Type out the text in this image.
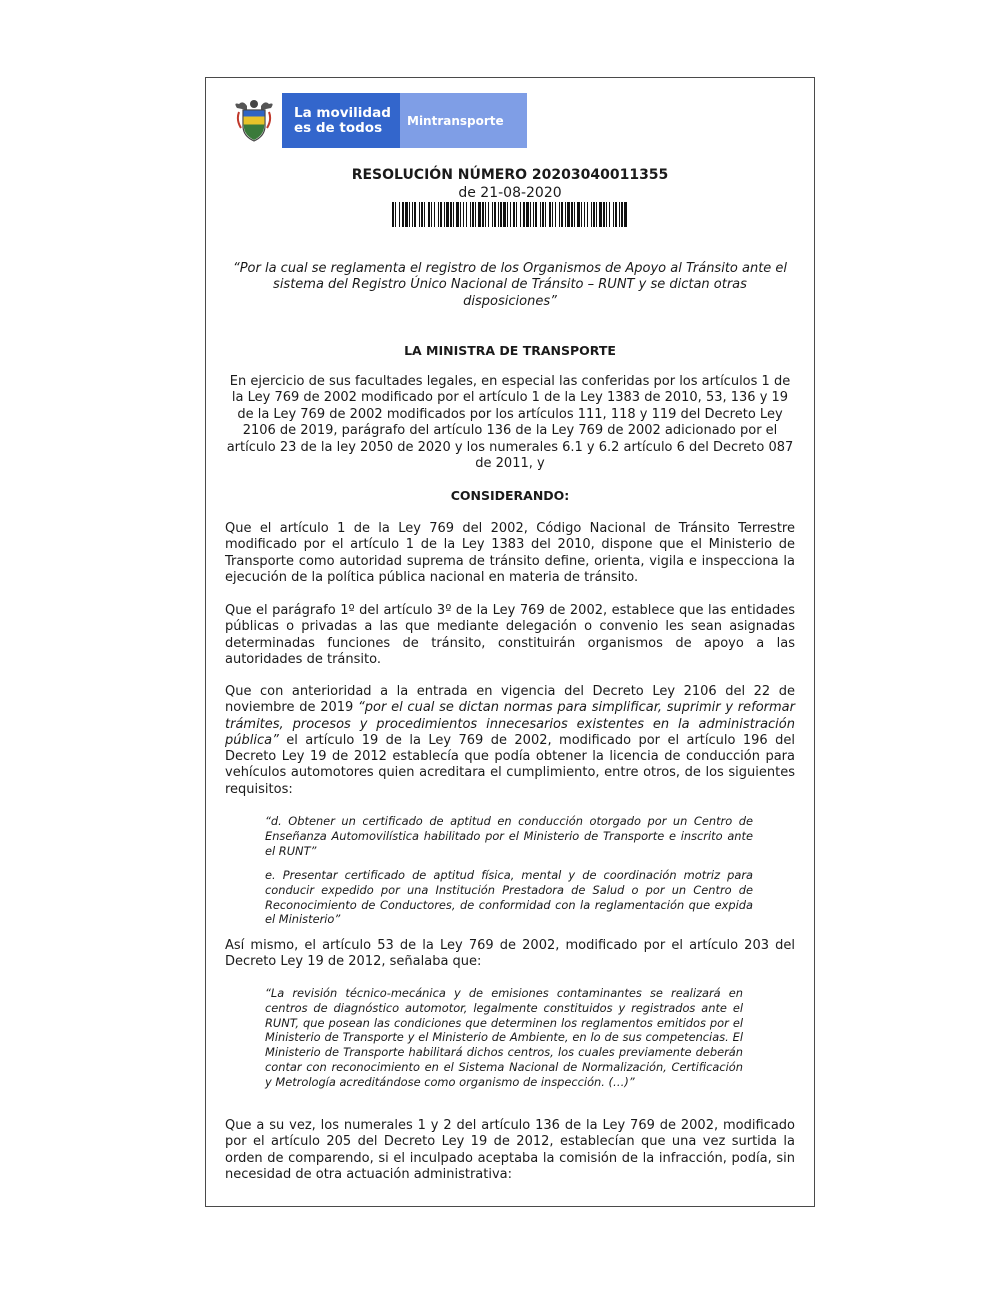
La movilidad
es de todos	Mintransporte
RESOLUCIÓN NÚMERO 20203040011355
de 21-08-2020
“Por la cual se reglamenta el registro de los Organismos de Apoyo al Tránsito ante el sistema del Registro Único Nacional de Tránsito – RUNT y se dictan otras disposiciones”
LA MINISTRA DE TRANSPORTE
En ejercicio de sus facultades legales, en especial las conferidas por los artículos 1 de la Ley 769 de 2002 modificado por el artículo 1 de la Ley 1383 de 2010, 53, 136 y 19 de la Ley 769 de 2002 modificados por los artículos 111, 118 y 119 del Decreto Ley 2106 de 2019, parágrafo del artículo 136 de la Ley 769 de 2002 adicionado por el artículo 23 de la ley 2050 de 2020 y los numerales 6.1 y 6.2 artículo 6 del Decreto 087 de 2011, y
CONSIDERANDO:
Que el artículo 1 de la Ley 769 del 2002, Código Nacional de Tránsito Terrestre modificado por el artículo 1 de la Ley 1383 del 2010, dispone que el Ministerio de Transporte como autoridad suprema de tránsito define, orienta, vigila e inspecciona la ejecución de la política pública nacional en materia de tránsito.
Que el parágrafo 1º del artículo 3º de la Ley 769 de 2002, establece que las entidades públicas o privadas a las que mediante delegación o convenio les sean asignadas determinadas funciones de tránsito, constituirán organismos de apoyo a las autoridades de tránsito.
Que con anterioridad a la entrada en vigencia del Decreto Ley 2106 del 22 de noviembre de 2019 “por el cual se dictan normas para simplificar, suprimir y reformar trámites, procesos y procedimientos innecesarios existentes en la administración pública” el artículo 19 de la Ley 769 de 2002, modificado por el artículo 196 del Decreto Ley 19 de 2012 establecía que podía obtener la licencia de conducción para vehículos automotores quien acreditara el cumplimiento, entre otros, de los siguientes requisitos:
“d. Obtener un certificado de aptitud en conducción otorgado por un Centro de Enseñanza Automovilística habilitado por el Ministerio de Transporte e inscrito ante el RUNT”
e. Presentar certificado de aptitud física, mental y de coordinación motriz para conducir expedido por una Institución Prestadora de Salud o por un Centro de Reconocimiento de Conductores, de conformidad con la reglamentación que expida el Ministerio”
Así mismo, el artículo 53 de la Ley 769 de 2002, modificado por el artículo 203 del Decreto Ley 19 de 2012, señalaba que:
“La revisión técnico-mecánica y de emisiones contaminantes se realizará en centros de diagnóstico automotor, legalmente constituidos y registrados ante el RUNT, que posean las condiciones que determinen los reglamentos emitidos por el Ministerio de Transporte y el Ministerio de Ambiente, en lo de sus competencias. El Ministerio de Transporte habilitará dichos centros, los cuales previamente deberán contar con reconocimiento en el Sistema Nacional de Normalización, Certificación y Metrología acreditándose como organismo de inspección. (…)”
Que a su vez, los numerales 1 y 2 del artículo 136 de la Ley 769 de 2002, modificado por el artículo 205 del Decreto Ley 19 de 2012, establecían que una vez surtida la orden de comparendo, si el inculpado aceptaba la comisión de la infracción, podía, sin necesidad de otra actuación administrativa:
